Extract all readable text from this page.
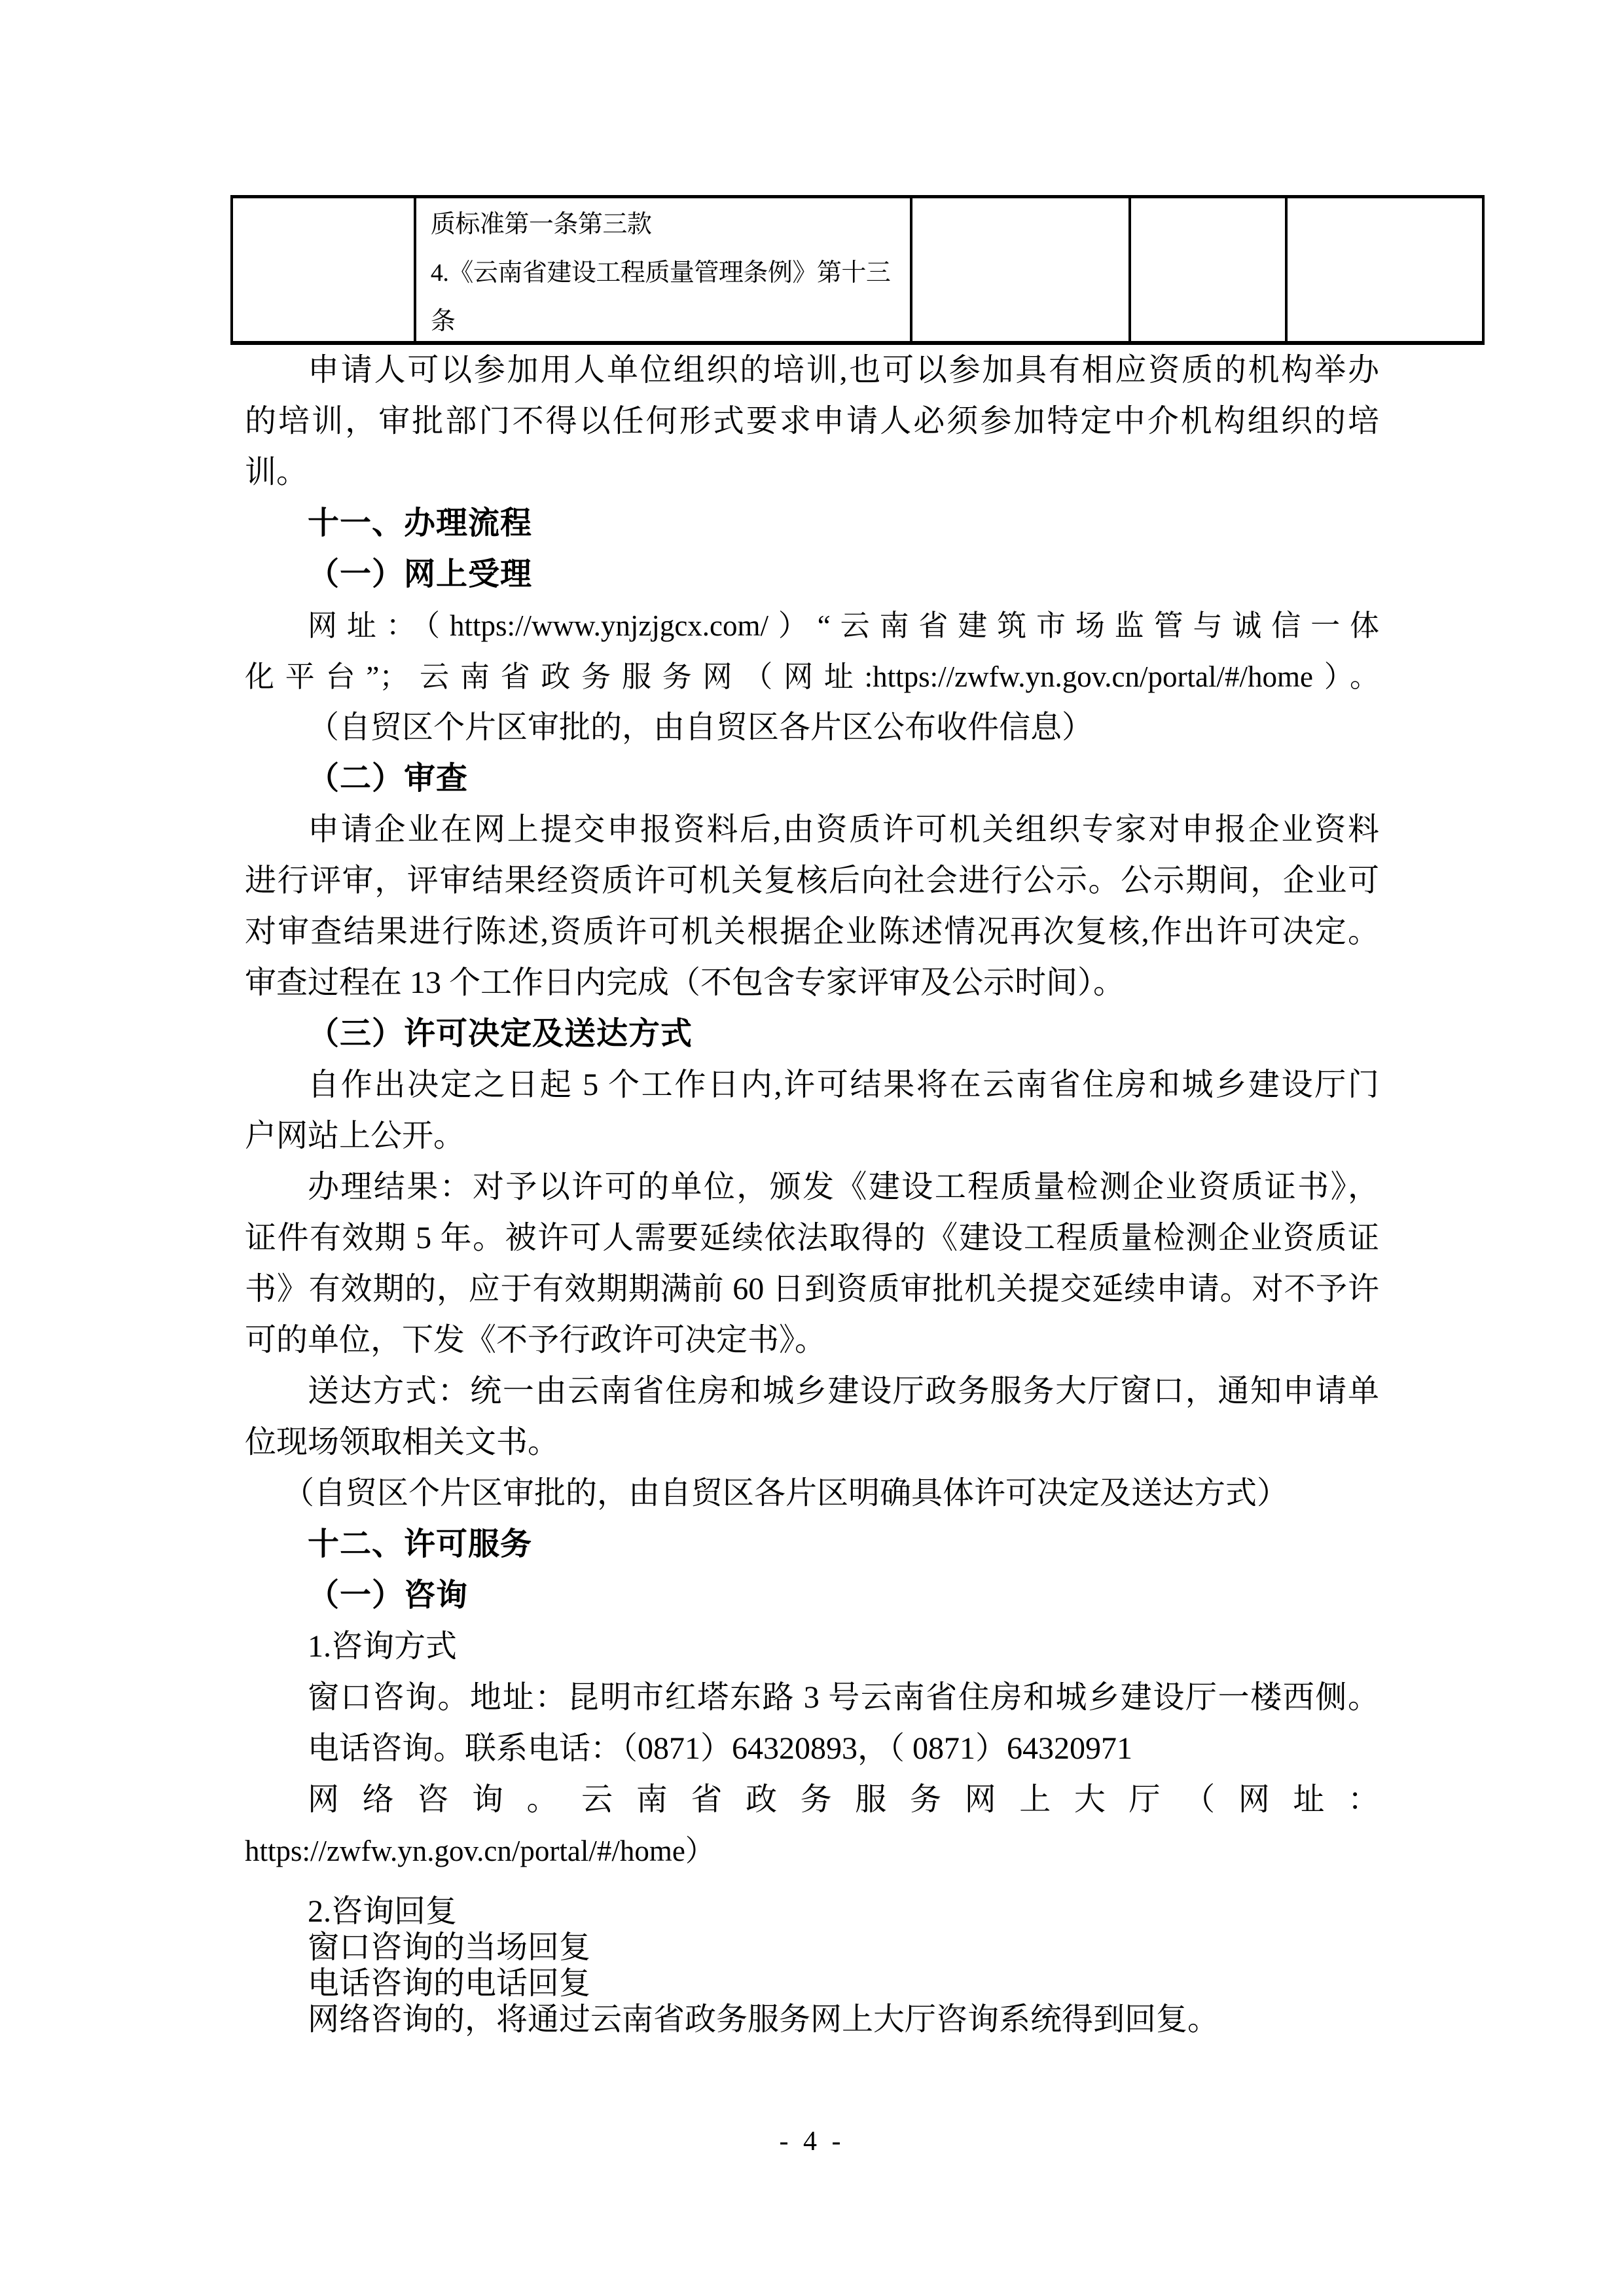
质标准第一条第三款
4.《云南省建设工程质量管理条例》第十三
条
申请人可以参加用人单位组织的培训,也可以参加具有相应资质的机构举办
的培训，审批部门不得以任何形式要求申请人必须参加特定中介机构组织的培
训。
十一、办理流程
（一）网上受理
网址：（https://www.ynjzjgcx.com/）“云南省建筑市场监管与诚信一体
化平台”；云南省政务服务网（网址:https://zwfw.yn.gov.cn/portal/#/home）。
（自贸区个片区审批的，由自贸区各片区公布收件信息）
（二）审查
申请企业在网上提交申报资料后,由资质许可机关组织专家对申报企业资料
进行评审，评审结果经资质许可机关复核后向社会进行公示。公示期间，企业可
对审查结果进行陈述,资质许可机关根据企业陈述情况再次复核,作出许可决定。
审查过程在 13 个工作日内完成（不包含专家评审及公示时间）。
（三）许可决定及送达方式
自作出决定之日起 5 个工作日内,许可结果将在云南省住房和城乡建设厅门
户网站上公开。
办理结果：对予以许可的单位，颁发《建设工程质量检测企业资质证书》，
证件有效期 5 年。被许可人需要延续依法取得的《建设工程质量检测企业资质证
书》有效期的，应于有效期期满前 60 日到资质审批机关提交延续申请。对不予许
可的单位，下发《不予行政许可决定书》。
送达方式：统一由云南省住房和城乡建设厅政务服务大厅窗口，通知申请单
位现场领取相关文书。
（自贸区个片区审批的，由自贸区各片区明确具体许可决定及送达方式）
十二、许可服务
（一）咨询
1.咨询方式
窗口咨询。地址：昆明市红塔东路 3 号云南省住房和城乡建设厅一楼西侧。
电话咨询。联系电话：（0871）64320893，（ 0871）64320971
网络咨询。云南省政务服务网上大厅（网址：
https://zwfw.yn.gov.cn/portal/#/home）
2.咨询回复
窗口咨询的当场回复
电话咨询的电话回复
网络咨询的，将通过云南省政务服务网上大厅咨询系统得到回复。
- 4 -
